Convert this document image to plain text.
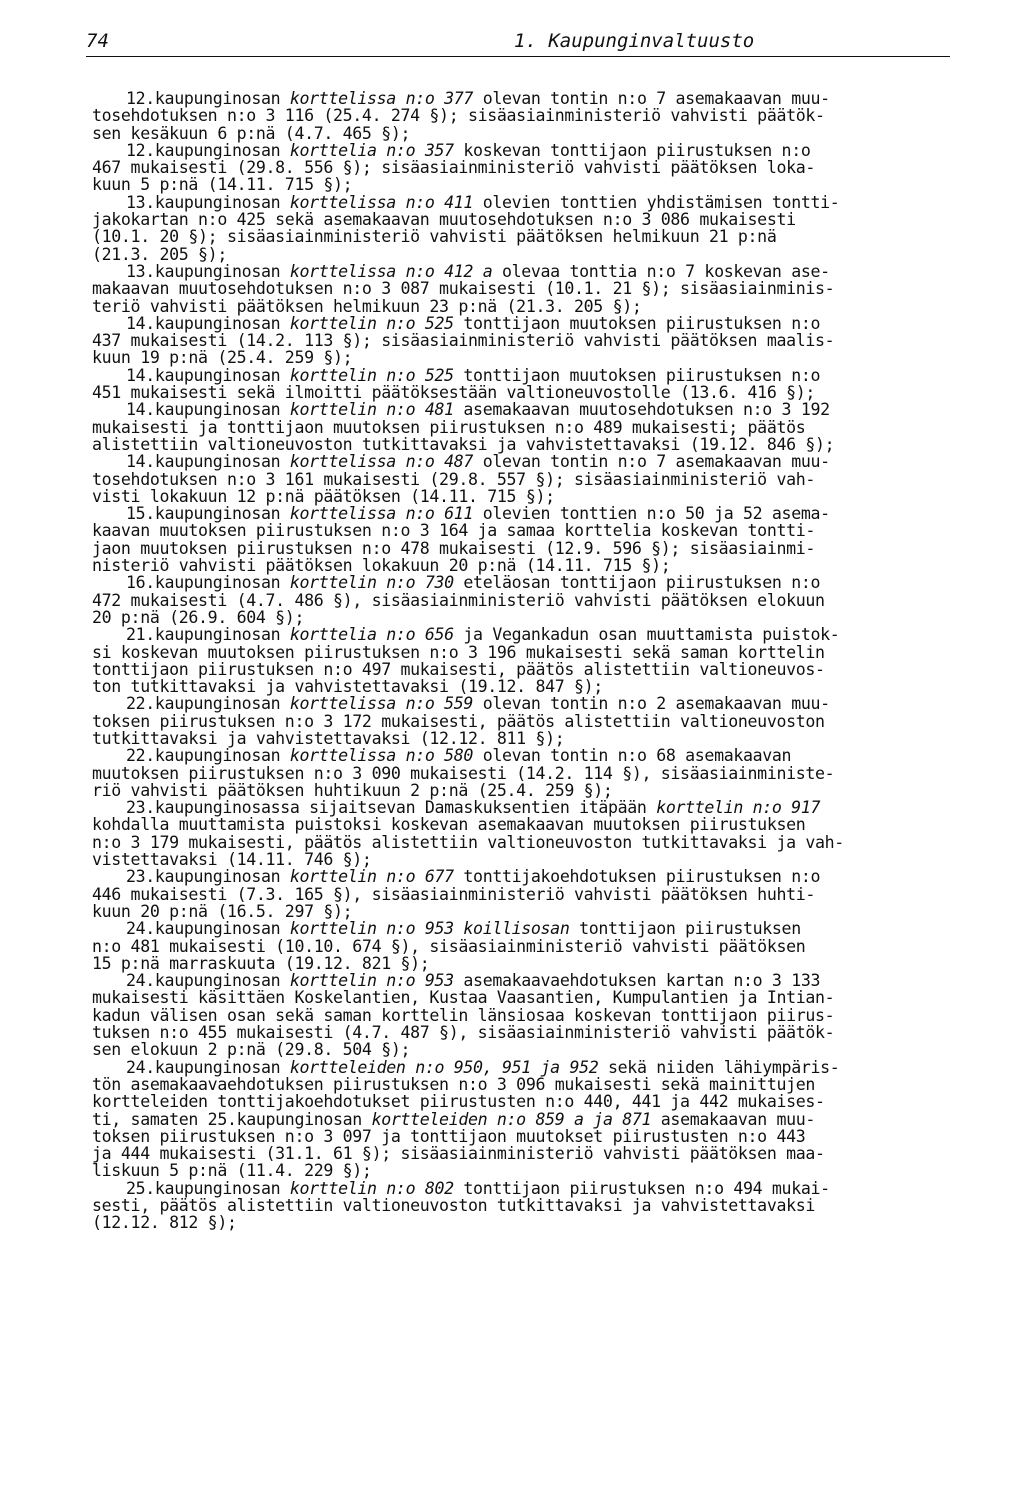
74	1. Kaupunginvaltuusto
12.kaupunginosan korttelissa n:o 377 olevan tontin n:o 7 asemakaavan muu-
tosehdotuksen n:o 3 116 (25.4. 274 §); sisäasiainministeriö vahvisti päätök-
sen kesäkuun 6 p:nä (4.7. 465 §);
12.kaupunginosan korttelia n:o 357 koskevan tonttijaon piirustuksen n:o
467 mukaisesti (29.8. 556 §); sisäasiainministeriö vahvisti päätöksen loka-
kuun 5 p:nä (14.11. 715 §);
13.kaupunginosan korttelissa n:o 411 olevien tonttien yhdistämisen tontti-
jakokartan n:o 425 sekä asemakaavan muutosehdotuksen n:o 3 086 mukaisesti
(10.1. 20 §); sisäasiainministeriö vahvisti päätöksen helmikuun 21 p:nä
(21.3. 205 §);
13.kaupunginosan korttelissa n:o 412 a olevaa tonttia n:o 7 koskevan ase-
makaavan muutosehdotuksen n:o 3 087 mukaisesti (10.1. 21 §); sisäasiainminis-
teriö vahvisti päätöksen helmikuun 23 p:nä (21.3. 205 §);
14.kaupunginosan korttelin n:o 525 tonttijaon muutoksen piirustuksen n:o
437 mukaisesti (14.2. 113 §); sisäasiainministeriö vahvisti päätöksen maalis-
kuun 19 p:nä (25.4. 259 §);
14.kaupunginosan korttelin n:o 525 tonttijaon muutoksen piirustuksen n:o
451 mukaisesti sekä ilmoitti päätöksestään valtioneuvostolle (13.6. 416 §);
14.kaupunginosan korttelin n:o 481 asemakaavan muutosehdotuksen n:o 3 192
mukaisesti ja tonttijaon muutoksen piirustuksen n:o 489 mukaisesti; päätös
alistettiin valtioneuvoston tutkittavaksi ja vahvistettavaksi (19.12. 846 §);
14.kaupunginosan korttelissa n:o 487 olevan tontin n:o 7 asemakaavan muu-
tosehdotuksen n:o 3 161 mukaisesti (29.8. 557 §); sisäasiainministeriö vah-
visti lokakuun 12 p:nä päätöksen (14.11. 715 §);
15.kaupunginosan korttelissa n:o 611 olevien tonttien n:o 50 ja 52 asema-
kaavan muutoksen piirustuksen n:o 3 164 ja samaa korttelia koskevan tontti-
jaon muutoksen piirustuksen n:o 478 mukaisesti (12.9. 596 §); sisäasiainmi-
nisteriö vahvisti päätöksen lokakuun 20 p:nä (14.11. 715 §);
16.kaupunginosan korttelin n:o 730 eteläosan tonttijaon piirustuksen n:o
472 mukaisesti (4.7. 486 §), sisäasiainministeriö vahvisti päätöksen elokuun
20 p:nä (26.9. 604 §);
21.kaupunginosan korttelia n:o 656 ja Vegankadun osan muuttamista puistok-
si koskevan muutoksen piirustuksen n:o 3 196 mukaisesti sekä saman korttelin
tonttijaon piirustuksen n:o 497 mukaisesti, päätös alistettiin valtioneuvos-
ton tutkittavaksi ja vahvistettavaksi (19.12. 847 §);
22.kaupunginosan korttelissa n:o 559 olevan tontin n:o 2 asemakaavan muu-
toksen piirustuksen n:o 3 172 mukaisesti, päätös alistettiin valtioneuvoston
tutkittavaksi ja vahvistettavaksi (12.12. 811 §);
22.kaupunginosan korttelissa n:o 580 olevan tontin n:o 68 asemakaavan
muutoksen piirustuksen n:o 3 090 mukaisesti (14.2. 114 §), sisäasiainministe-
riö vahvisti päätöksen huhtikuun 2 p:nä (25.4. 259 §);
23.kaupunginosassa sijaitsevan Damaskuksentien itäpään korttelin n:o 917
kohdalla muuttamista puistoksi koskevan asemakaavan muutoksen piirustuksen
n:o 3 179 mukaisesti, päätös alistettiin valtioneuvoston tutkittavaksi ja vah-
vistettavaksi (14.11. 746 §);
23.kaupunginosan korttelin n:o 677 tonttijakoehdotuksen piirustuksen n:o
446 mukaisesti (7.3. 165 §), sisäasiainministeriö vahvisti päätöksen huhti-
kuun 20 p:nä (16.5. 297 §);
24.kaupunginosan korttelin n:o 953 koillisosan tonttijaon piirustuksen
n:o 481 mukaisesti (10.10. 674 §), sisäasiainministeriö vahvisti päätöksen
15 p:nä marraskuuta (19.12. 821 §);
24.kaupunginosan korttelin n:o 953 asemakaavaehdotuksen kartan n:o 3 133
mukaisesti käsittäen Koskelantien, Kustaa Vaasantien, Kumpulantien ja Intian-
kadun välisen osan sekä saman korttelin länsiosaa koskevan tonttijaon piirus-
tuksen n:o 455 mukaisesti (4.7. 487 §), sisäasiainministeriö vahvisti päätök-
sen elokuun 2 p:nä (29.8. 504 §);
24.kaupunginosan kortteleiden n:o 950, 951 ja 952 sekä niiden lähiympäris-
tön asemakaavaehdotuksen piirustuksen n:o 3 096 mukaisesti sekä mainittujen
kortteleiden tonttijakoehdotukset piirustusten n:o 440, 441 ja 442 mukaises-
ti, samaten 25.kaupunginosan kortteleiden n:o 859 a ja 871 asemakaavan muu-
toksen piirustuksen n:o 3 097 ja tonttijaon muutokset piirustusten n:o 443
ja 444 mukaisesti (31.1. 61 §); sisäasiainministeriö vahvisti päätöksen maa-
liskuun 5 p:nä (11.4. 229 §);
25.kaupunginosan korttelin n:o 802 tonttijaon piirustuksen n:o 494 mukai-
sesti, päätös alistettiin valtioneuvoston tutkittavaksi ja vahvistettavaksi
(12.12. 812 §);
